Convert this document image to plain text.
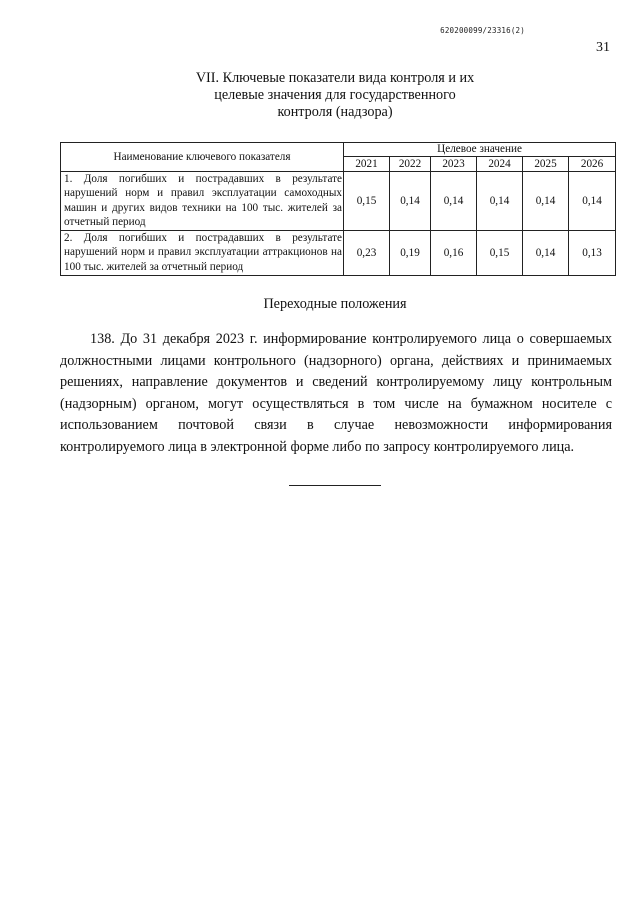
620200099/23316(2)
31
VII. Ключевые показатели вида контроля и их
целевые значения для государственного
контроля (надзора)
Наименование ключевого показателя	Целевое значение					
	2021	2022	2023	2024	2025	2026
1. Доля погибших и пострадавших в результате нарушений норм и правил эксплуатации самоходных машин и других видов техники на 100 тыс. жителей за отчетный период	0,15	0,14	0,14	0,14	0,14	0,14
2. Доля погибших и пострадавших в результате нарушений норм и правил эксплуатации аттракционов на 100 тыс. жителей за отчетный период	0,23	0,19	0,16	0,15	0,14	0,13
Переходные положения
138. До 31 декабря 2023 г. информирование контролируемого лица о совершаемых должностными лицами контрольного (надзорного) органа, действиях и принимаемых решениях, направление документов и сведений контролируемому лицу контрольным (надзорным) органом, могут осуществляться в том числе на бумажном носителе с использованием почтовой связи в случае невозможности информирования контролируемого лица в электронной форме либо по запросу контролируемого лица.
